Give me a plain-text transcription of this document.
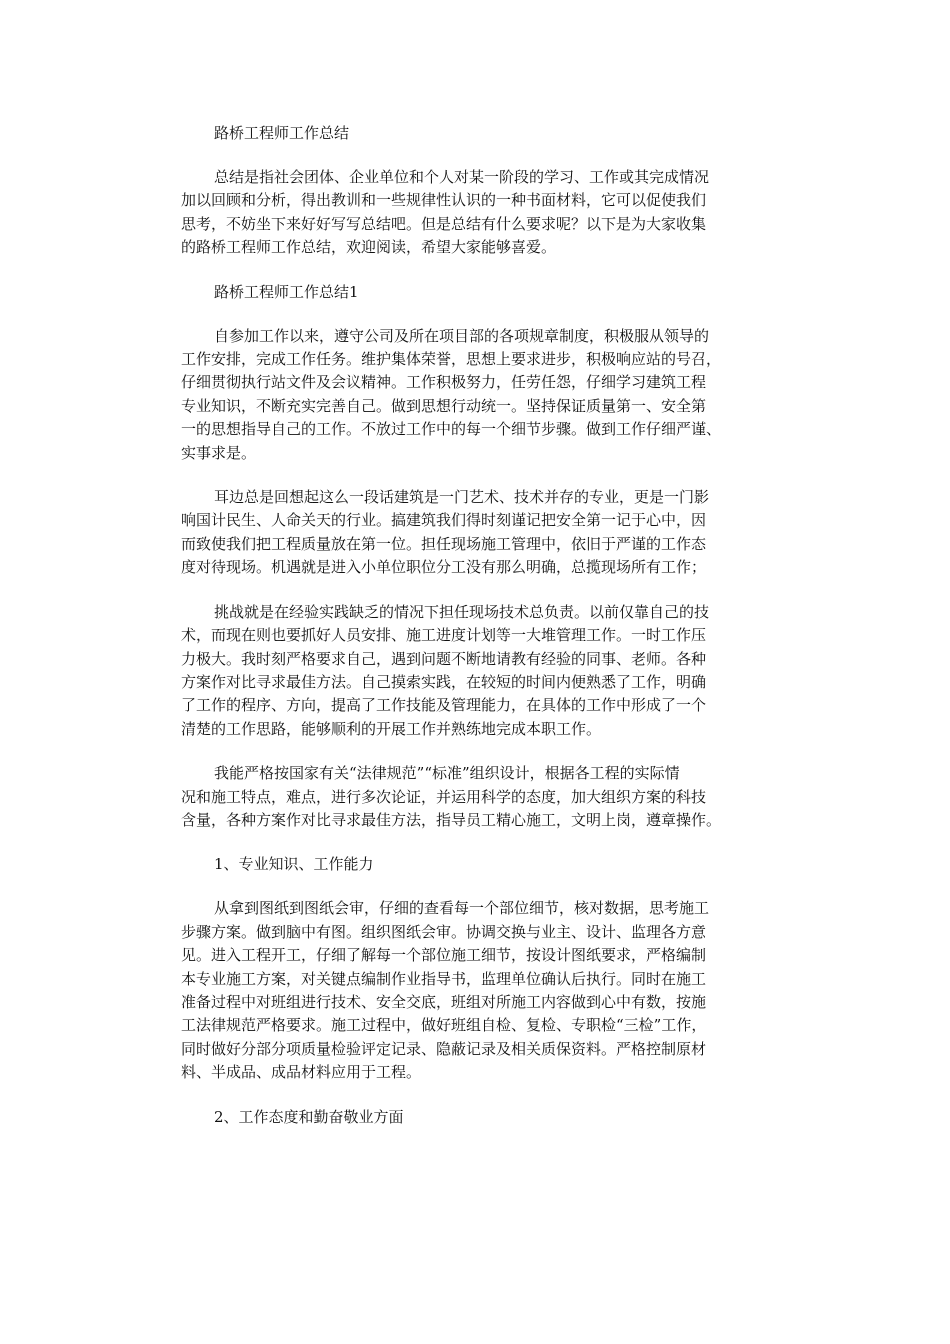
路桥工程师工作总结
总结是指社会团体、企业单位和个人对某一阶段的学习、工作或其完成情况
加以回顾和分析，得出教训和一些规律性认识的一种书面材料，它可以促使我们
思考，不妨坐下来好好写写总结吧。但是总结有什么要求呢？以下是为大家收集
的路桥工程师工作总结，欢迎阅读，希望大家能够喜爱。
路桥工程师工作总结1
自参加工作以来，遵守公司及所在项目部的各项规章制度，积极服从领导的
工作安排，完成工作任务。维护集体荣誉，思想上要求进步，积极响应站的号召，
仔细贯彻执行站文件及会议精神。工作积极努力，任劳任怨，仔细学习建筑工程
专业知识，不断充实完善自己。做到思想行动统一。坚持保证质量第一、安全第
一的思想指导自己的工作。不放过工作中的每一个细节步骤。做到工作仔细严谨、
实事求是。
耳边总是回想起这么一段话建筑是一门艺术、技术并存的专业，更是一门影
响国计民生、人命关天的行业。搞建筑我们得时刻谨记把安全第一记于心中，因
而致使我们把工程质量放在第一位。担任现场施工管理中，依旧于严谨的工作态
度对待现场。机遇就是进入小单位职位分工没有那么明确，总揽现场所有工作；
挑战就是在经验实践缺乏的情况下担任现场技术总负责。以前仅靠自己的技
术，而现在则也要抓好人员安排、施工进度计划等一大堆管理工作。一时工作压
力极大。我时刻严格要求自己，遇到问题不断地请教有经验的同事、老师。各种
方案作对比寻求最佳方法。自己摸索实践，在较短的时间内便熟悉了工作，明确
了工作的程序、方向，提高了工作技能及管理能力，在具体的工作中形成了一个
清楚的工作思路，能够顺利的开展工作并熟练地完成本职工作。
我能严格按国家有关“法律规范”“标准”组织设计，根据各工程的实际情
况和施工特点，难点，进行多次论证，并运用科学的态度，加大组织方案的科技
含量，各种方案作对比寻求最佳方法，指导员工精心施工，文明上岗，遵章操作。
1、专业知识、工作能力
从拿到图纸到图纸会审，仔细的查看每一个部位细节，核对数据，思考施工
步骤方案。做到脑中有图。组织图纸会审。协调交换与业主、设计、监理各方意
见。进入工程开工，仔细了解每一个部位施工细节，按设计图纸要求，严格编制
本专业施工方案，对关键点编制作业指导书，监理单位确认后执行。同时在施工
准备过程中对班组进行技术、安全交底，班组对所施工内容做到心中有数，按施
工法律规范严格要求。施工过程中，做好班组自检、复检、专职检“三检”工作，
同时做好分部分项质量检验评定记录、隐蔽记录及相关质保资料。严格控制原材
料、半成品、成品材料应用于工程。
2、工作态度和勤奋敬业方面
